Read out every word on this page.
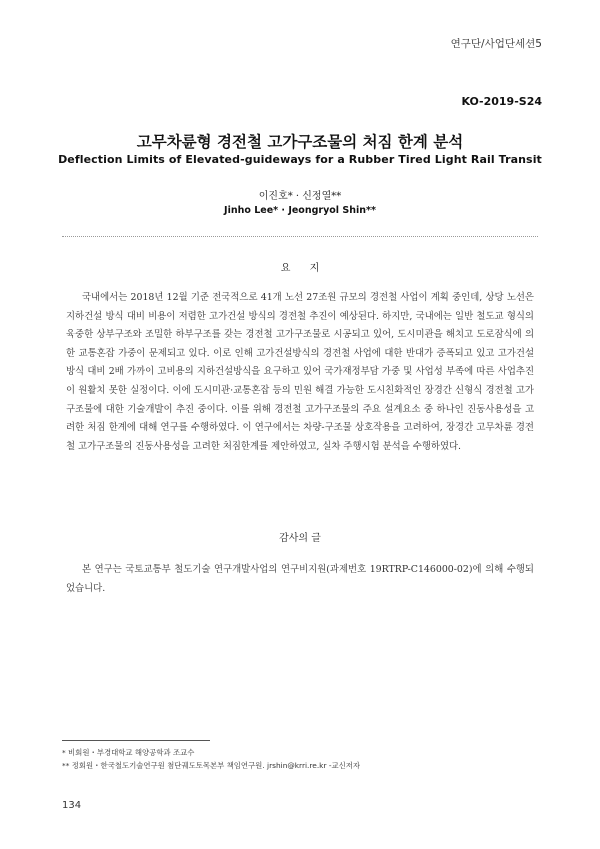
연구단/사업단세션5
KO-2019-S24
고무차륜형 경전철 고가구조물의 처짐 한계 분석
Deflection Limits of Elevated-guideways for a Rubber Tired Light Rail Transit
이진호* · 신정열**
Jinho Lee* · Jeongryol Shin**
요 지
국내에서는 2018년 12월 기준 전국적으로 41개 노선 27조원 규모의 경전철 사업이 계획 중인데, 상당 노선은 지하건설 방식 대비 비용이 저렴한 고가건설 방식의 경전철 추진이 예상된다. 하지만, 국내에는 일반 철도교 형식의 육중한 상부구조와 조밀한 하부구조를 갖는 경전철 고가구조물로 시공되고 있어, 도시미관을 해치고 도로잠식에 의한 교통혼잡 가중이 문제되고 있다. 이로 인해 고가건설방식의 경전철 사업에 대한 반대가 증폭되고 있고 고가건설방식 대비 2배 가까이 고비용의 지하건설방식을 요구하고 있어 국가재정부담 가중 및 사업성 부족에 따른 사업추진이 원활치 못한 실정이다. 이에 도시미관·교통혼잡 등의 민원 해결 가능한 도시친화적인 장경간 신형식 경전철 고가구조물에 대한 기술개발이 추진 중이다. 이를 위해 경전철 고가구조물의 주요 설계요소 중 하나인 진동사용성을 고려한 처짐 한계에 대해 연구를 수행하였다. 이 연구에서는 차량-구조물 상호작용을 고려하여, 장경간 고무차륜 경전철 고가구조물의 진동사용성을 고려한 처짐한계를 제안하였고, 실차 주행시험 분석을 수행하였다.
감사의 글
본 연구는 국토교통부 철도기술 연구개발사업의 연구비지원(과제번호 19RTRP-C146000-02)에 의해 수행되었습니다.
* 비회원・부경대학교 해양공학과 조교수
** 정회원・한국철도기술연구원 첨단궤도토목본부 책임연구원. jrshin@krri.re.kr -교신저자
134
